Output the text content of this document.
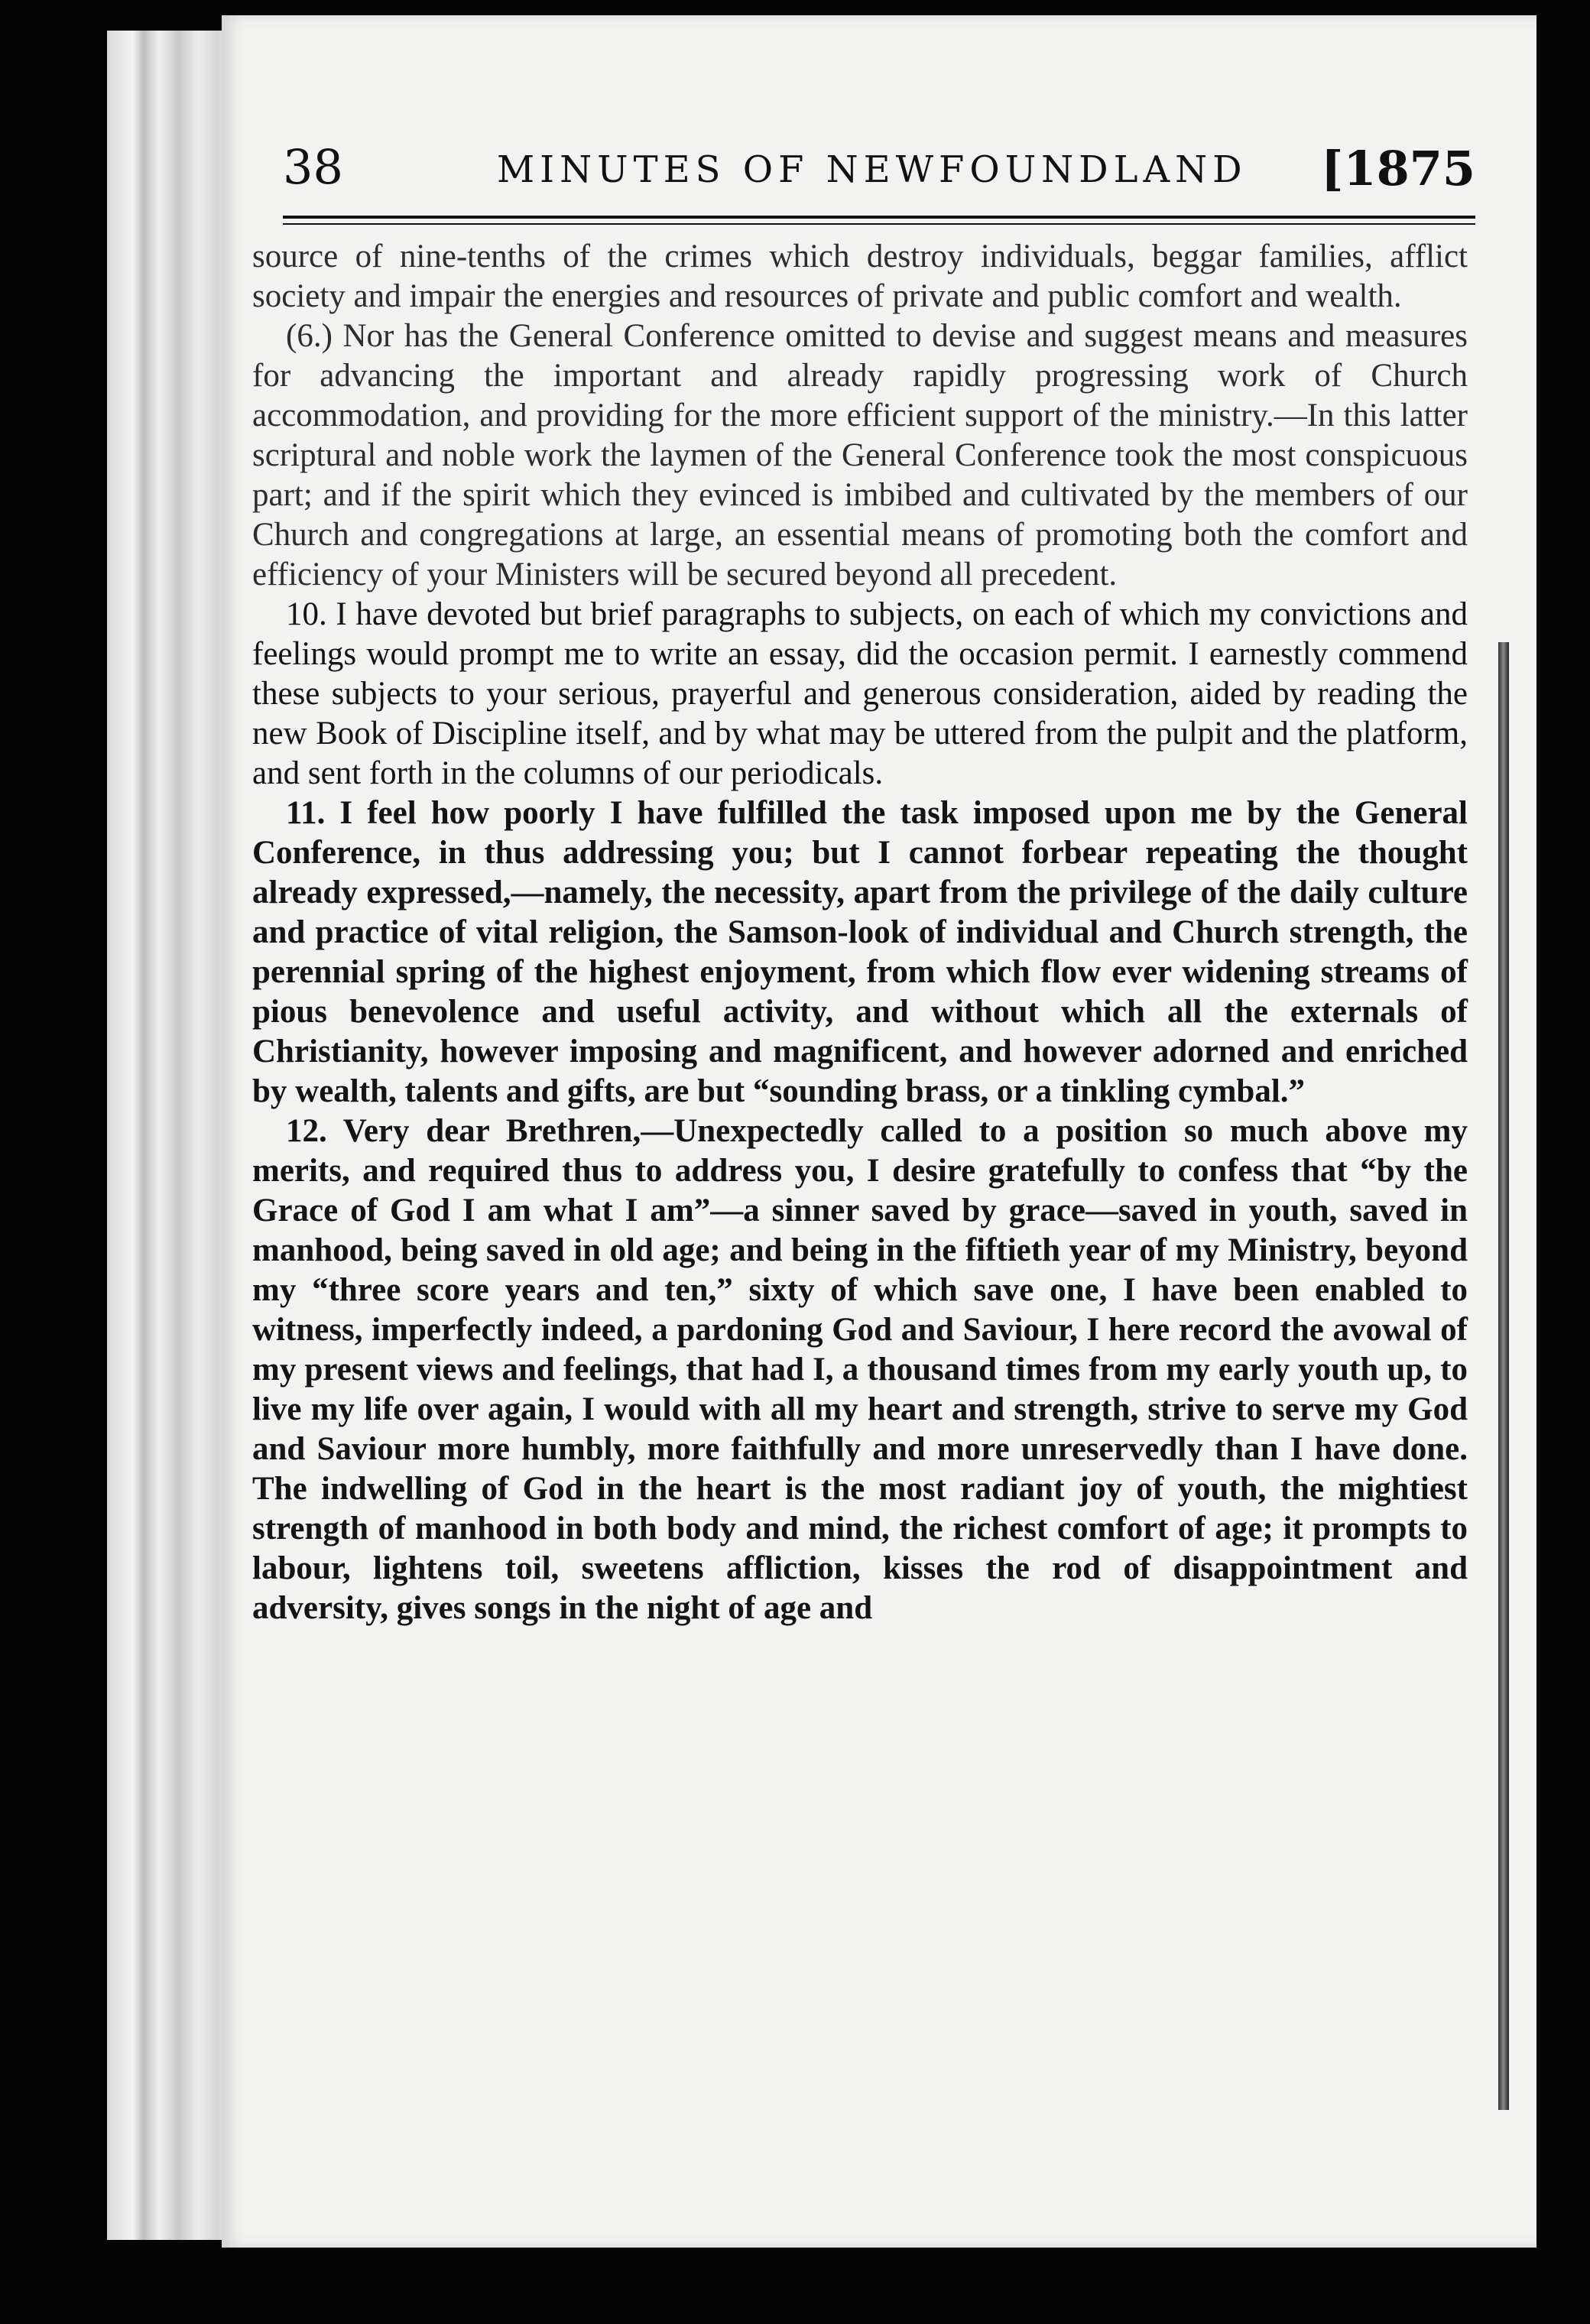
38	MINUTES OF NEWFOUNDLAND [1875

source of nine-tenths of the crimes which destroy individuals, beggar families, afflict society and impair the energies and resources of private and public comfort and wealth.

(6.) Nor has the General Conference omitted to devise and suggest means and measures for advancing the important and already rapidly progressing work of Church accommodation, and providing for the more efficient support of the ministry.—In this latter scriptural and noble work the laymen of the General Conference took the most conspicuous part; and if the spirit which they evinced is imbibed and cultivated by the members of our Church and congregations at large, an essential means of promoting both the comfort and efficiency of your Ministers will be secured beyond all precedent.

10. I have devoted but brief paragraphs to subjects, on each of which my convictions and feelings would prompt me to write an essay, did the occasion permit. I earnestly commend these subjects to your serious, prayerful and generous consideration, aided by reading the new Book of Discipline itself, and by what may be uttered from the pulpit and the platform, and sent forth in the columns of our periodicals.

11. I feel how poorly I have fulfilled the task imposed upon me by the General Conference, in thus addressing you; but I cannot forbear repeating the thought already expressed,—namely, the necessity, apart from the privilege of the daily culture and practice of vital religion, the Samson-look of individual and Church strength, the perennial spring of the highest enjoyment, from which flow ever widening streams of pious benevolence and useful activity, and without which all the externals of Christianity, however imposing and magnificent, and however adorned and enriched by wealth, talents and gifts, are but “sounding brass, or a tinkling cymbal.”

12. Very dear Brethren,—Unexpectedly called to a position so much above my merits, and required thus to address you, I desire gratefully to confess that “by the Grace of God I am what I am”—a sinner saved by grace—saved in youth, saved in manhood, being saved in old age; and being in the fiftieth year of my Ministry, beyond my “three score years and ten,” sixty of which save one, I have been enabled to witness, imperfectly indeed, a pardoning God and Saviour, I here record the avowal of my present views and feelings, that had I, a thousand times from my early youth up, to live my life over again, I would with all my heart and strength, strive to serve my God and Saviour more humbly, more faithfully and more unreservedly than I have done. The indwelling of God in the heart is the most radiant joy of youth, the mightiest strength of manhood in both body and mind, the richest comfort of age; it prompts to labour, lightens toil, sweetens affliction, kisses the rod of disappointment and adversity, gives songs in the night of age and
